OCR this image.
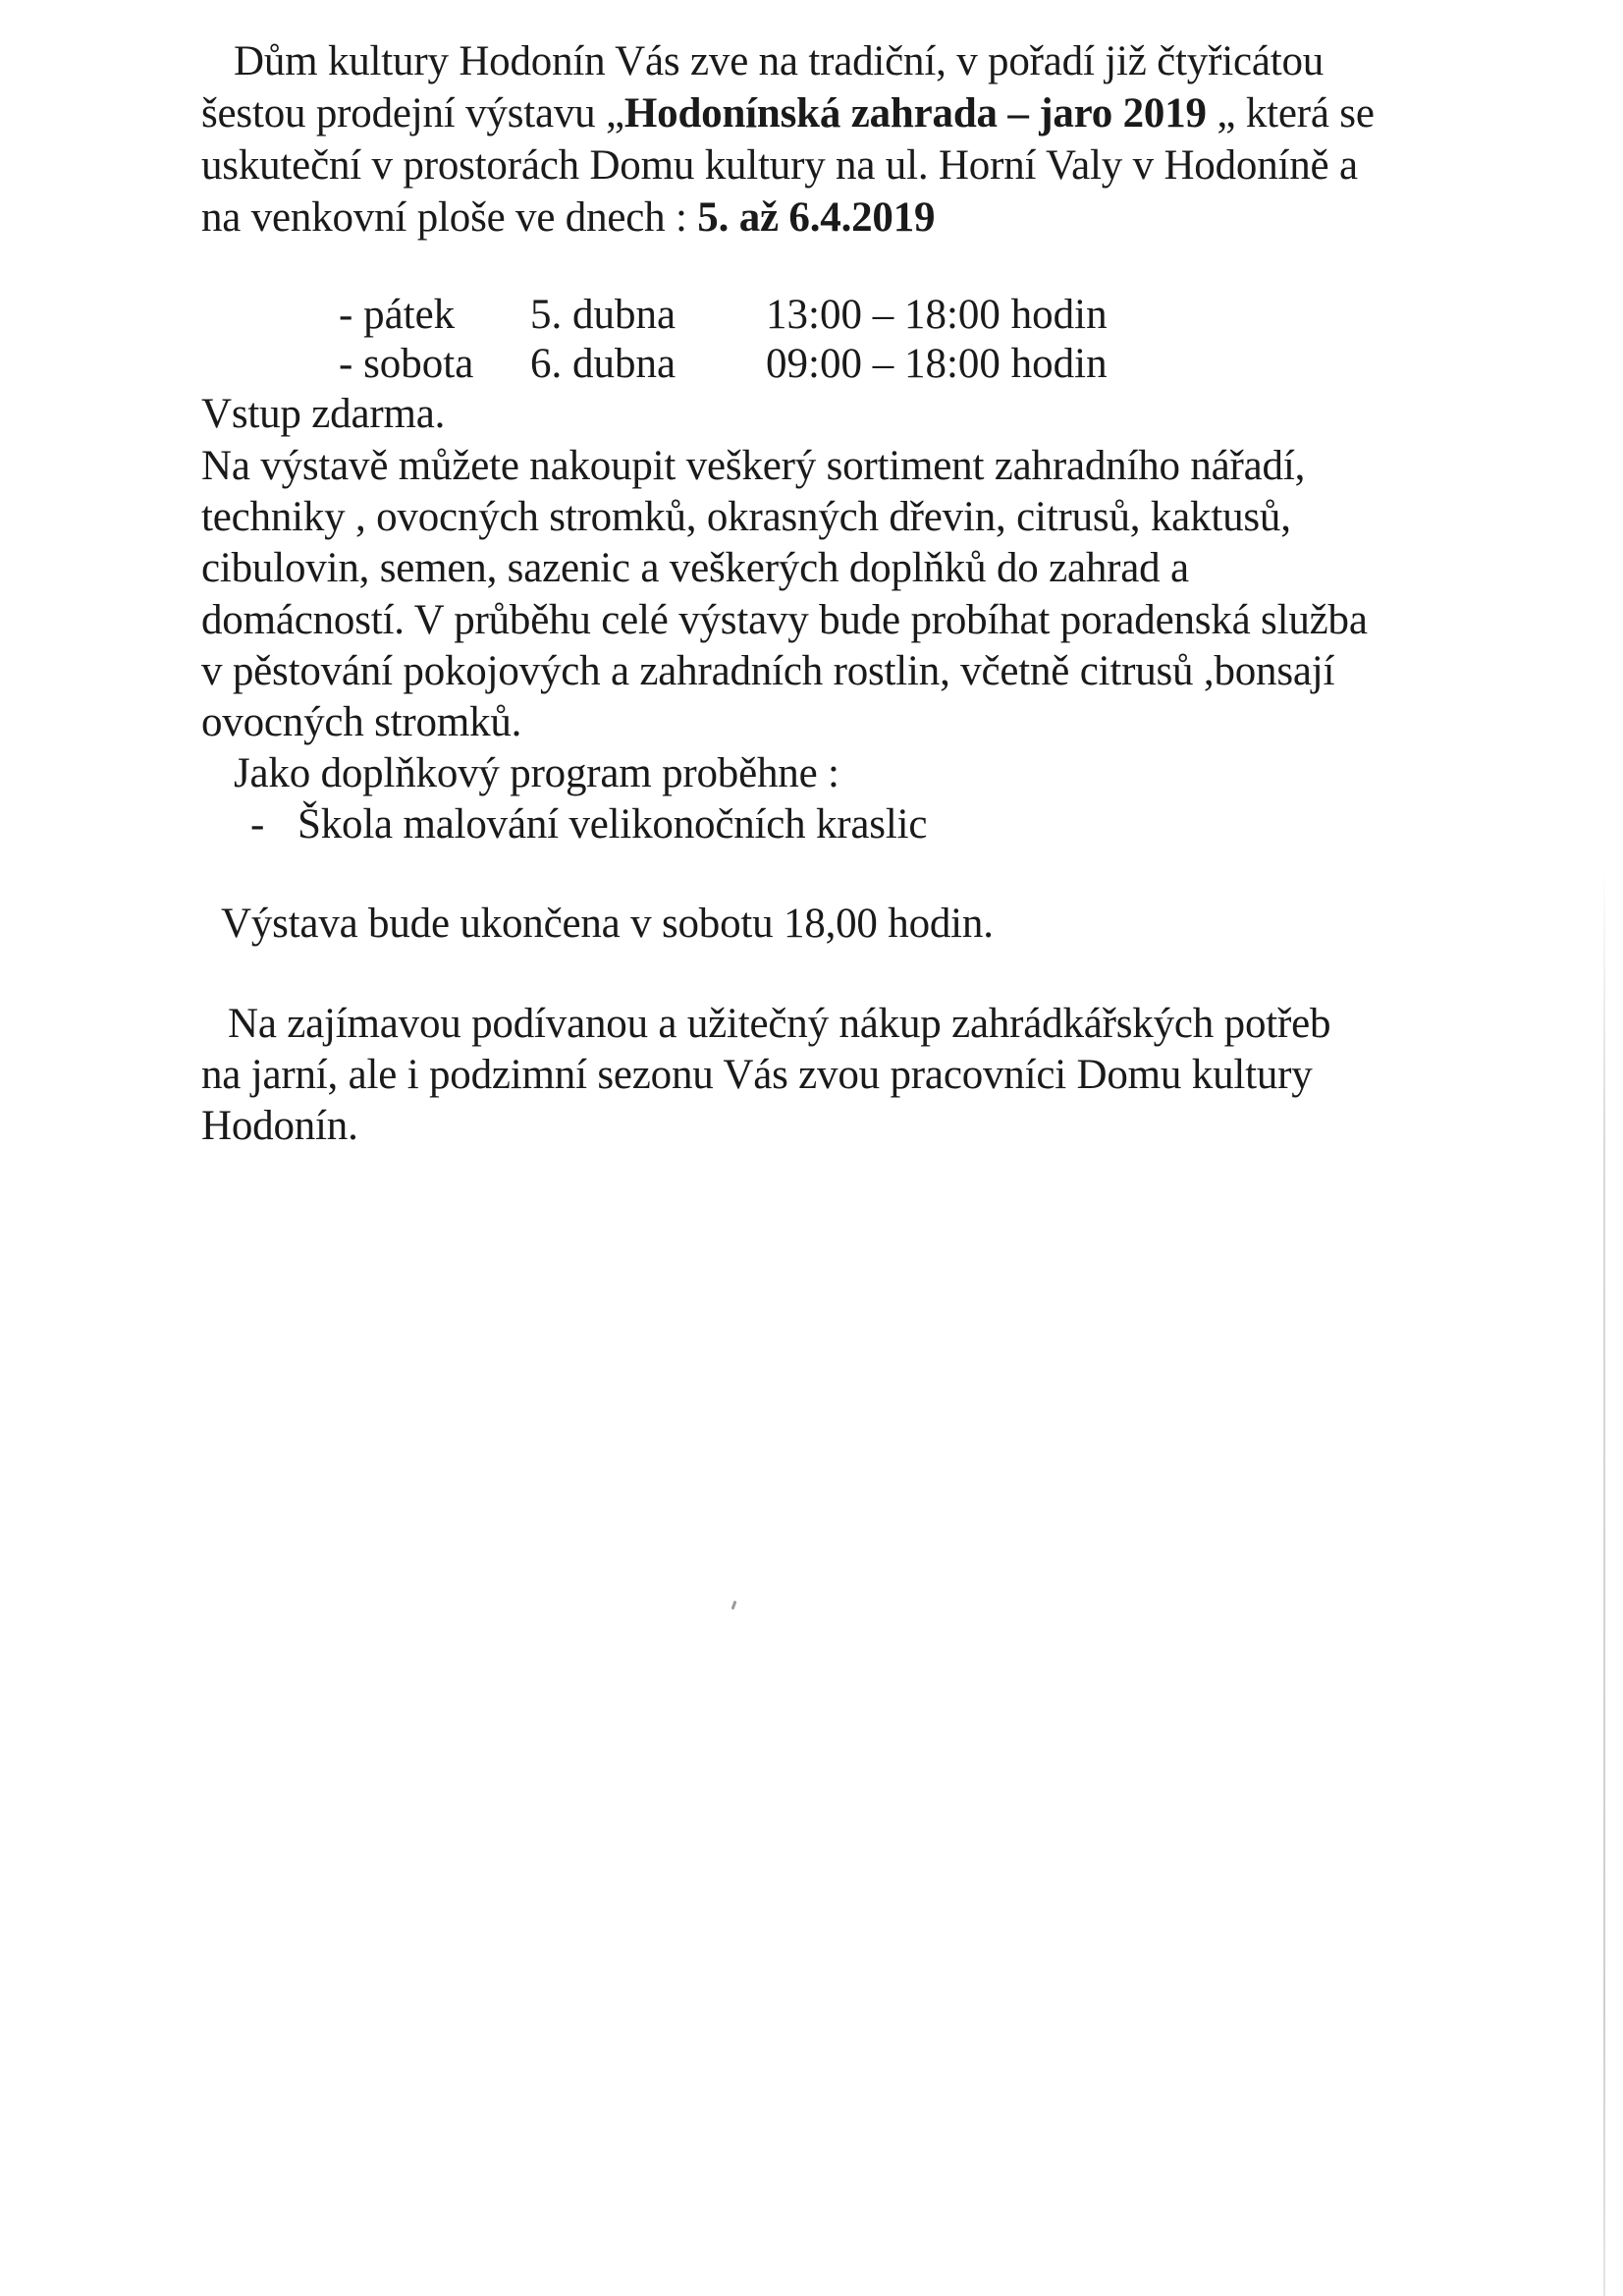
Dům kultury Hodonín Vás zve na tradiční, v pořadí již čtyřicátou
šestou prodejní výstavu „Hodonínská zahrada – jaro 2019 „ která se
uskuteční v prostorách Domu kultury na ul. Horní Valy v Hodoníně a
na venkovní ploše ve dnech : 5. až 6.4.2019
- pátek 5. dubna 13:00 – 18:00 hodin
- sobota 6. dubna 09:00 – 18:00 hodin
Vstup zdarma.
Na výstavě můžete nakoupit veškerý sortiment zahradního nářadí,
techniky , ovocných stromků, okrasných dřevin, citrusů, kaktusů,
cibulovin, semen, sazenic a veškerých doplňků do zahrad a
domácností. V průběhu celé výstavy bude probíhat poradenská služba
v pěstování pokojových a zahradních rostlin, včetně citrusů ,bonsají
ovocných stromků.
Jako doplňkový program proběhne :
- Škola malování velikonočních kraslic
Výstava bude ukončena v sobotu 18,00 hodin.
Na zajímavou podívanou a užitečný nákup zahrádkářských potřeb
na jarní, ale i podzimní sezonu Vás zvou pracovníci Domu kultury
Hodonín.
